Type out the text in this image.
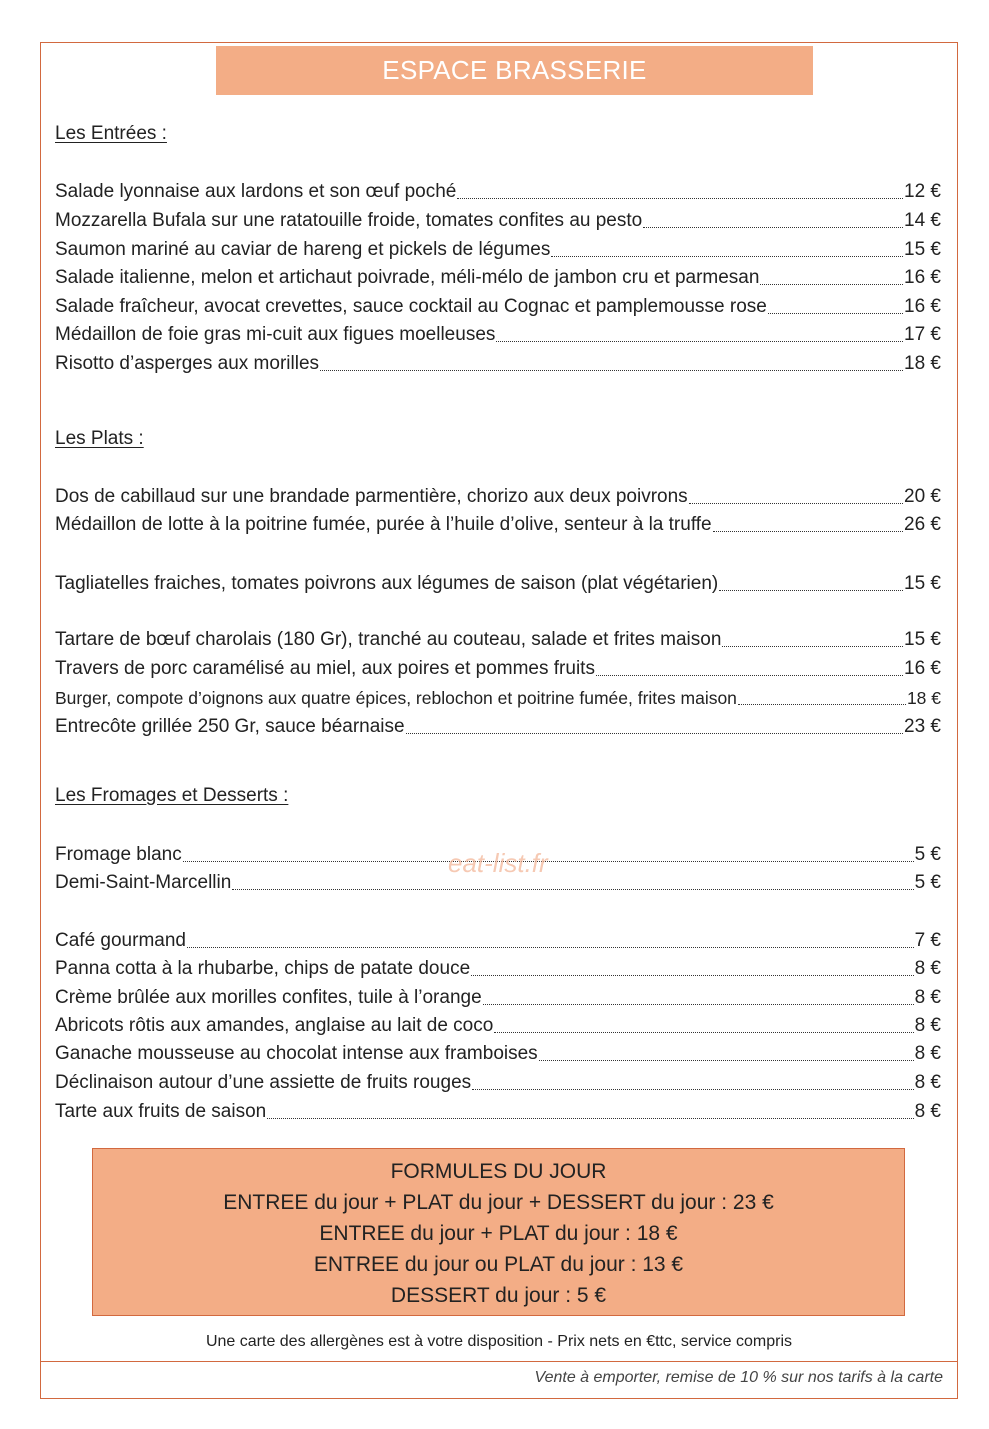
ESPACE BRASSERIE
Les Entrées :
Salade lyonnaise aux lardons et son œuf poché	12 €
Mozzarella Bufala sur une ratatouille froide, tomates confites au pesto	14 €
Saumon mariné au caviar de hareng et pickels de légumes	15 €
Salade italienne, melon et artichaut poivrade, méli-mélo de jambon cru et parmesan	16 €
Salade fraîcheur, avocat crevettes, sauce cocktail au Cognac et pamplemousse rose	16 €
Médaillon de foie gras mi-cuit aux figues moelleuses	17 €
Risotto d’asperges aux morilles	18 €
Les Plats :
Dos de cabillaud sur une brandade parmentière, chorizo aux deux poivrons	20 €
Médaillon de lotte à la poitrine fumée, purée à l’huile d’olive, senteur à la truffe	26 €
Tagliatelles fraiches, tomates poivrons aux légumes de saison (plat végétarien)	15 €
Tartare de bœuf charolais (180 Gr), tranché au couteau, salade et frites maison	15 €
Travers de porc caramélisé au miel, aux poires et pommes fruits	16 €
Burger, compote d’oignons aux quatre épices, reblochon et poitrine fumée, frites maison	18 €
Entrecôte grillée 250 Gr, sauce béarnaise	23 €
Les Fromages et Desserts :
Fromage blanc	5 €
Demi-Saint-Marcellin	5 €
Café gourmand	7 €
Panna cotta à la rhubarbe, chips de patate douce	8 €
Crème brûlée aux morilles confites, tuile à l’orange	8 €
Abricots rôtis aux amandes, anglaise au lait de coco	8 €
Ganache mousseuse au chocolat intense aux framboises	8 €
Déclinaison autour d’une assiette de fruits rouges	8 €
Tarte aux fruits de saison	8 €
eat-list.fr
FORMULES DU JOUR
ENTREE du jour + PLAT du jour + DESSERT du jour : 23 €
ENTREE du jour + PLAT du jour : 18 €
ENTREE du jour ou PLAT du jour : 13 €
DESSERT du jour : 5 €
Une carte des allergènes est à votre disposition - Prix nets en €ttc, service compris
Vente à emporter, remise de 10 % sur nos tarifs à la carte
